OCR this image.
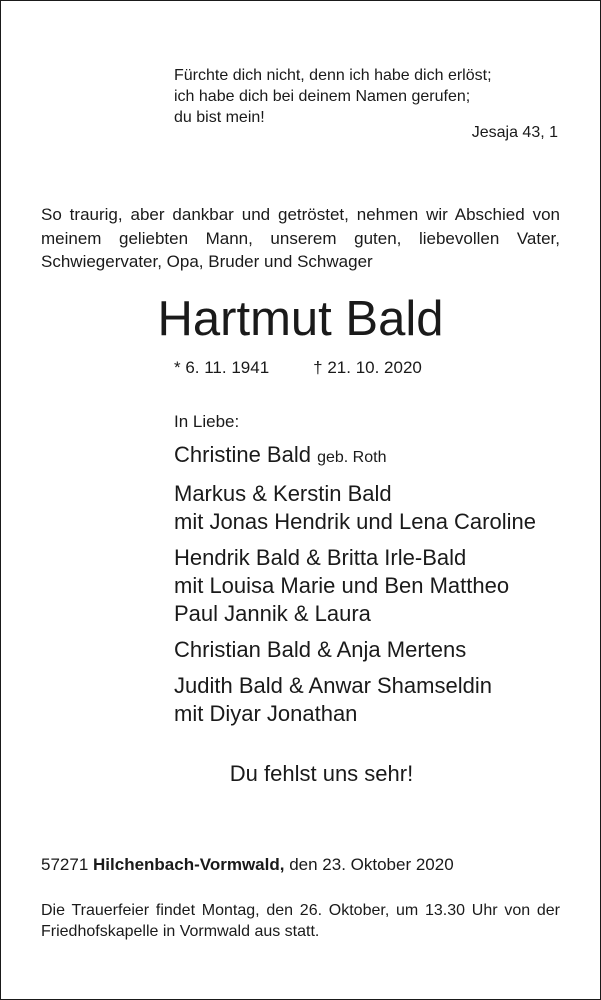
Fürchte dich nicht, denn ich habe dich erlöst;
ich habe dich bei deinem Namen gerufen;
du bist mein!
Jesaja 43, 1
So traurig, aber dankbar und getröstet, nehmen wir Abschied von meinem geliebten Mann, unserem guten, liebevollen Vater, Schwiegervater, Opa, Bruder und Schwager
Hartmut Bald
* 6. 11. 1941	† 21. 10. 2020
In Liebe:
Christine Bald geb. Roth
Markus & Kerstin Bald
mit Jonas Hendrik und Lena Caroline
Hendrik Bald & Britta Irle-Bald
mit Louisa Marie und Ben Mattheo
Paul Jannik & Laura
Christian Bald & Anja Mertens
Judith Bald & Anwar Shamseldin
mit Diyar Jonathan
Du fehlst uns sehr!
57271 Hilchenbach-Vormwald, den 23. Oktober 2020
Die Trauerfeier findet Montag, den 26. Oktober, um 13.30 Uhr von der Friedhofskapelle in Vormwald aus statt.
